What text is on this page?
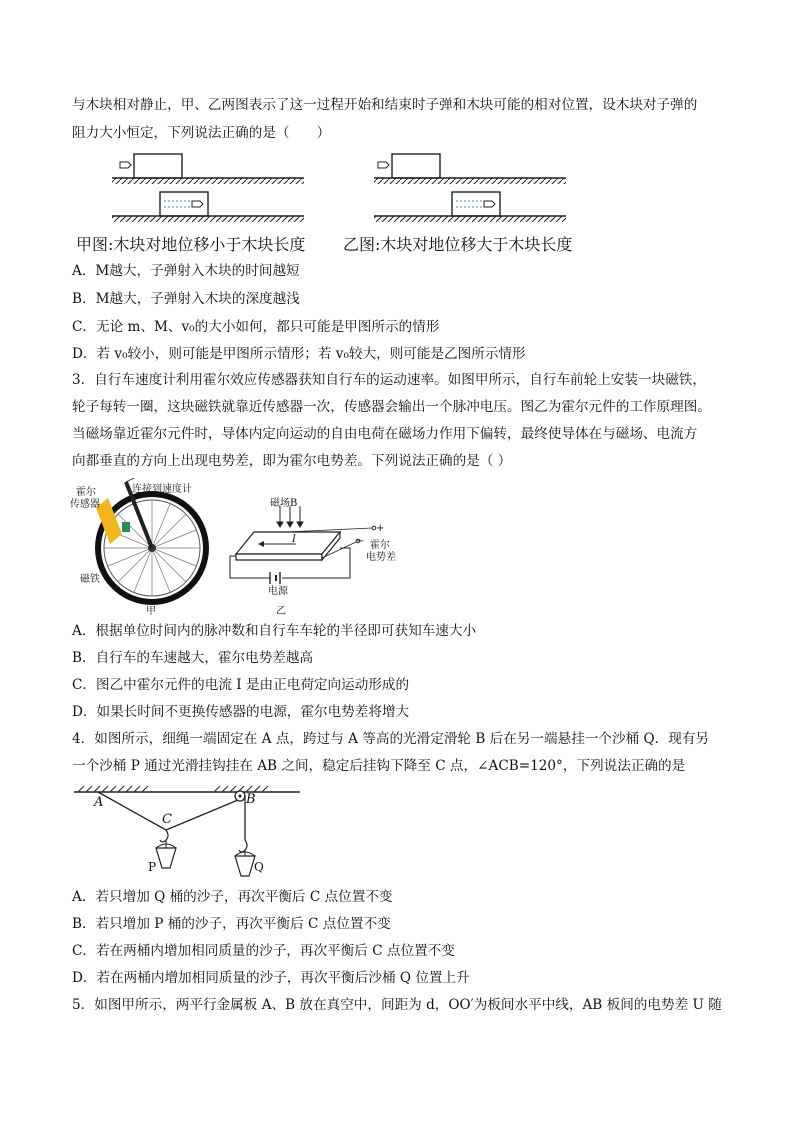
与木块相对静止，甲、乙两图表示了这一过程开始和结束时子弹和木块可能的相对位置，设木块对子弹的
阻力大小恒定，下列说法正确的是（　　）
甲图:木块对地位移小于木块长度 乙图:木块对地位移大于木块长度
A．M越大，子弹射入木块的时间越短
B．M越大，子弹射入木块的深度越浅
C．无论 m、M、v₀的大小如何，都只可能是甲图所示的情形
D．若 v₀较小，则可能是甲图所示情形；若 v₀较大，则可能是乙图所示情形
3．自行车速度计利用霍尔效应传感器获知自行车的运动速率。如图甲所示，自行车前轮上安装一块磁铁，
轮子每转一圈，这块磁铁就靠近传感器一次，传感器会输出一个脉冲电压。图乙为霍尔元件的工作原理图。
当磁场靠近霍尔元件时，导体内定向运动的自由电荷在磁场力作用下偏转，最终使导体在与磁场、电流方
向都垂直的方向上出现电势差，即为霍尔电势差。下列说法正确的是（ ）
霍尔
传感器
连接到速度计
磁铁
甲
磁场B
I
+
− 霍尔
电势差
电源
乙
A．根据单位时间内的脉冲数和自行车车轮的半径即可获知车速大小
B．自行车的车速越大，霍尔电势差越高
C．图乙中霍尔元件的电流 I 是由正电荷定向运动形成的
D．如果长时间不更换传感器的电源，霍尔电势差将增大
4．如图所示，细绳一端固定在 A 点，跨过与 A 等高的光滑定滑轮 B 后在另一端悬挂一个沙桶 Q．现有另
一个沙桶 P 通过光滑挂钩挂在 AB 之间，稳定后挂钩下降至 C 点，∠ACB=120°，下列说法正确的是
A	B
C
P	Q
A．若只增加 Q 桶的沙子，再次平衡后 C 点位置不变
B．若只增加 P 桶的沙子，再次平衡后 C 点位置不变
C．若在两桶内增加相同质量的沙子，再次平衡后 C 点位置不变
D．若在两桶内增加相同质量的沙子，再次平衡后沙桶 Q 位置上升
5．如图甲所示，两平行金属板 A、B 放在真空中，间距为 d，OO′为板间水平中线，AB 板间的电势差 U 随
